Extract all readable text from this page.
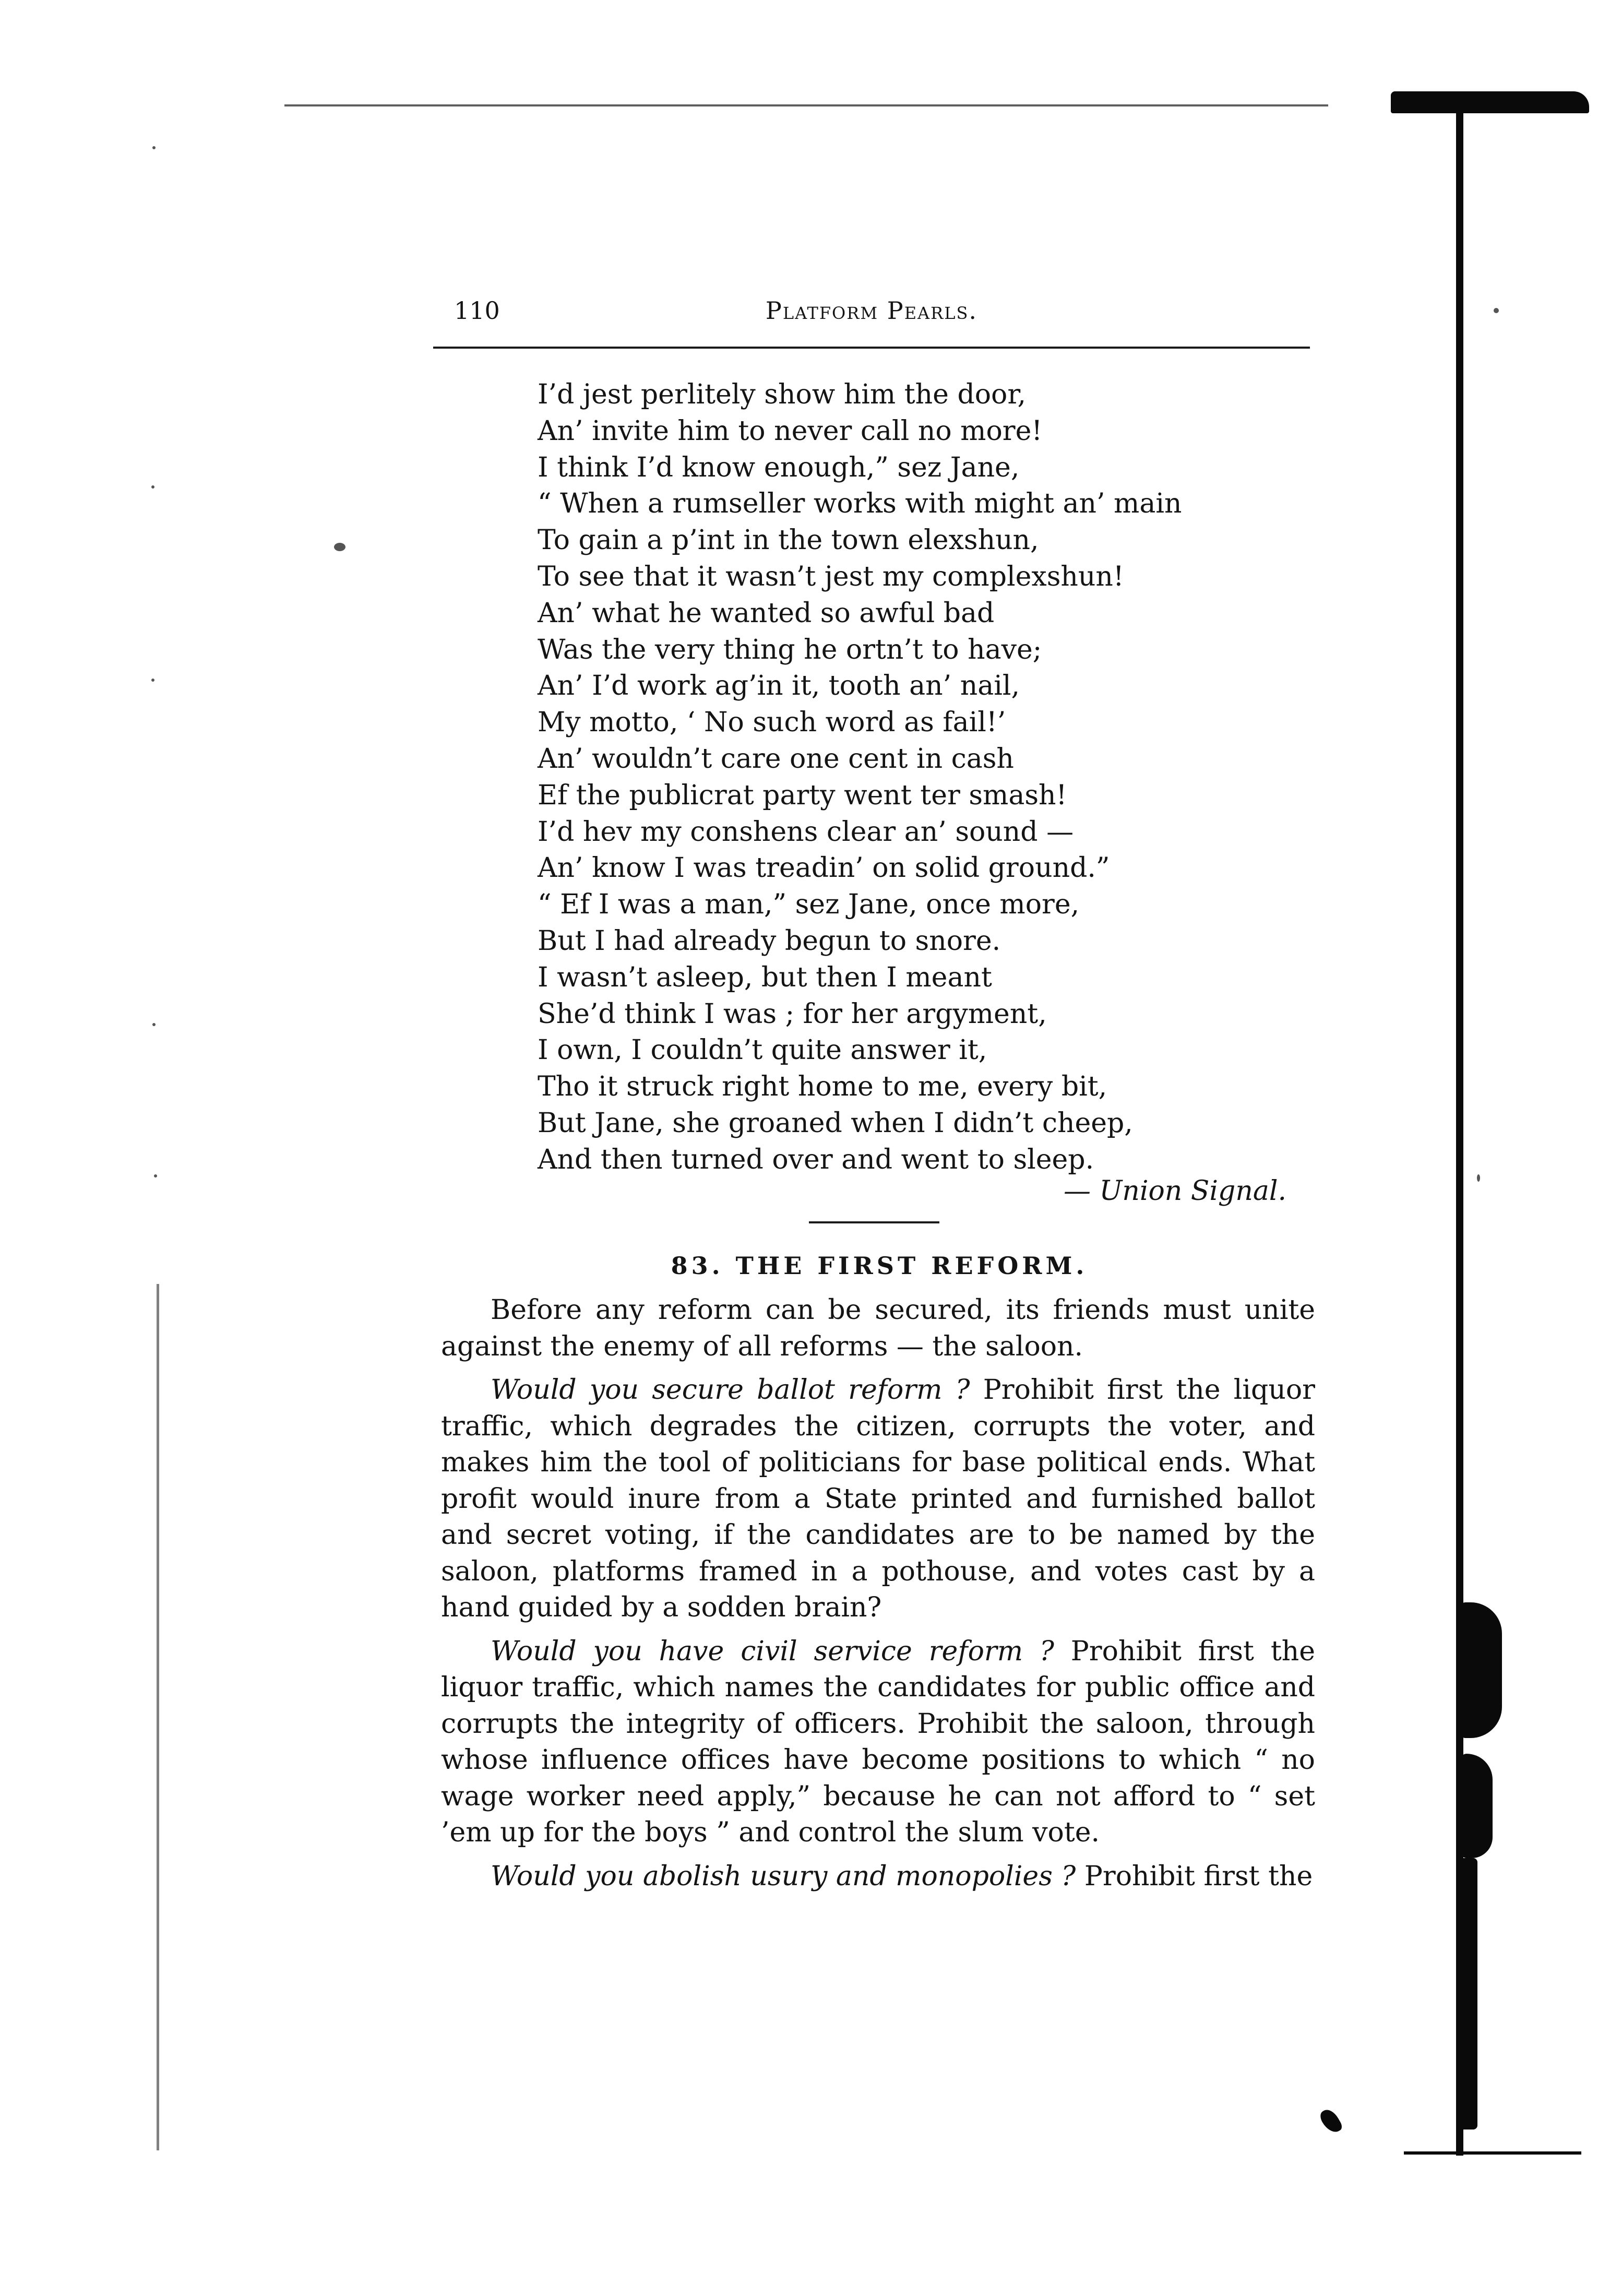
110	Platform Pearls.
I’d jest perlitely show him the door,
An’ invite him to never call no more!
I think I’d know enough,” sez Jane,
“ When a rumseller works with might an’ main
To gain a p’int in the town elexshun,
To see that it wasn’t jest my complexshun!
An’ what he wanted so awful bad
Was the very thing he ortn’t to have;
An’ I’d work ag’in it, tooth an’ nail,
My motto, ‘ No such word as fail!’
An’ wouldn’t care one cent in cash
Ef the publicrat party went ter smash!
I’d hev my conshens clear an’ sound —
An’ know I was treadin’ on solid ground.”
“ Ef I was a man,” sez Jane, once more,
But I had already begun to snore.
I wasn’t asleep, but then I meant
She’d think I was ; for her argyment,
I own, I couldn’t quite answer it,
Tho it struck right home to me, every bit,
But Jane, she groaned when I didn’t cheep,
And then turned over and went to sleep.
— Union Signal.
83. THE FIRST REFORM.

Before any reform can be secured, its friends must unite against the enemy of all reforms — the saloon.

Would you secure ballot reform ? Prohibit first the liquor traffic, which degrades the citizen, corrupts the voter, and makes him the tool of politicians for base political ends. What profit would inure from a State printed and furnished ballot and secret voting, if the candidates are to be named by the saloon, platforms framed in a pothouse, and votes cast by a hand guided by a sodden brain?

Would you have civil service reform ? Prohibit first the liquor traffic, which names the candidates for public office and corrupts the integrity of officers. Prohibit the saloon, through whose influence offices have become positions to which “ no wage worker need apply,” because he can not afford to “ set ’em up for the boys ” and control the slum vote.

Would you abolish usury and monopolies ? Prohibit first the
